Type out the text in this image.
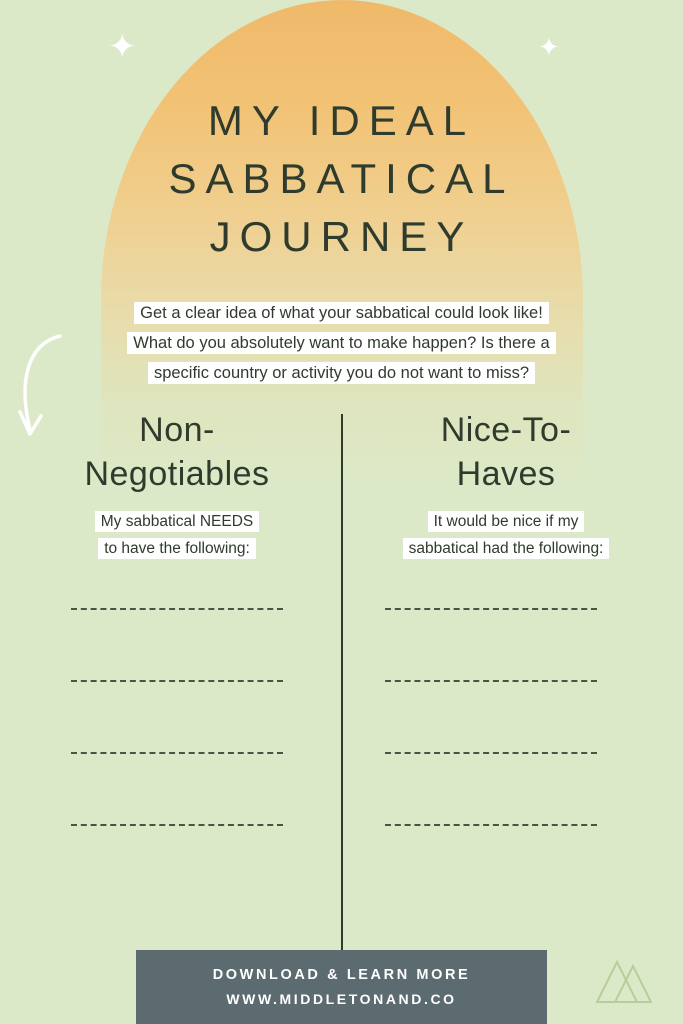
✦	✦
MY IDEAL
SABBATICAL
JOURNEY
Get a clear idea of what your sabbatical could look like!
What do you absolutely want to make happen? Is there a
specific country or activity you do not want to miss?
Non-
Negotiables
My sabbatical NEEDS
to have the following:
Nice-To-
Haves
It would be nice if my
sabbatical had the following:
DOWNLOAD & LEARN MORE
WWW.MIDDLETONAND.CO
